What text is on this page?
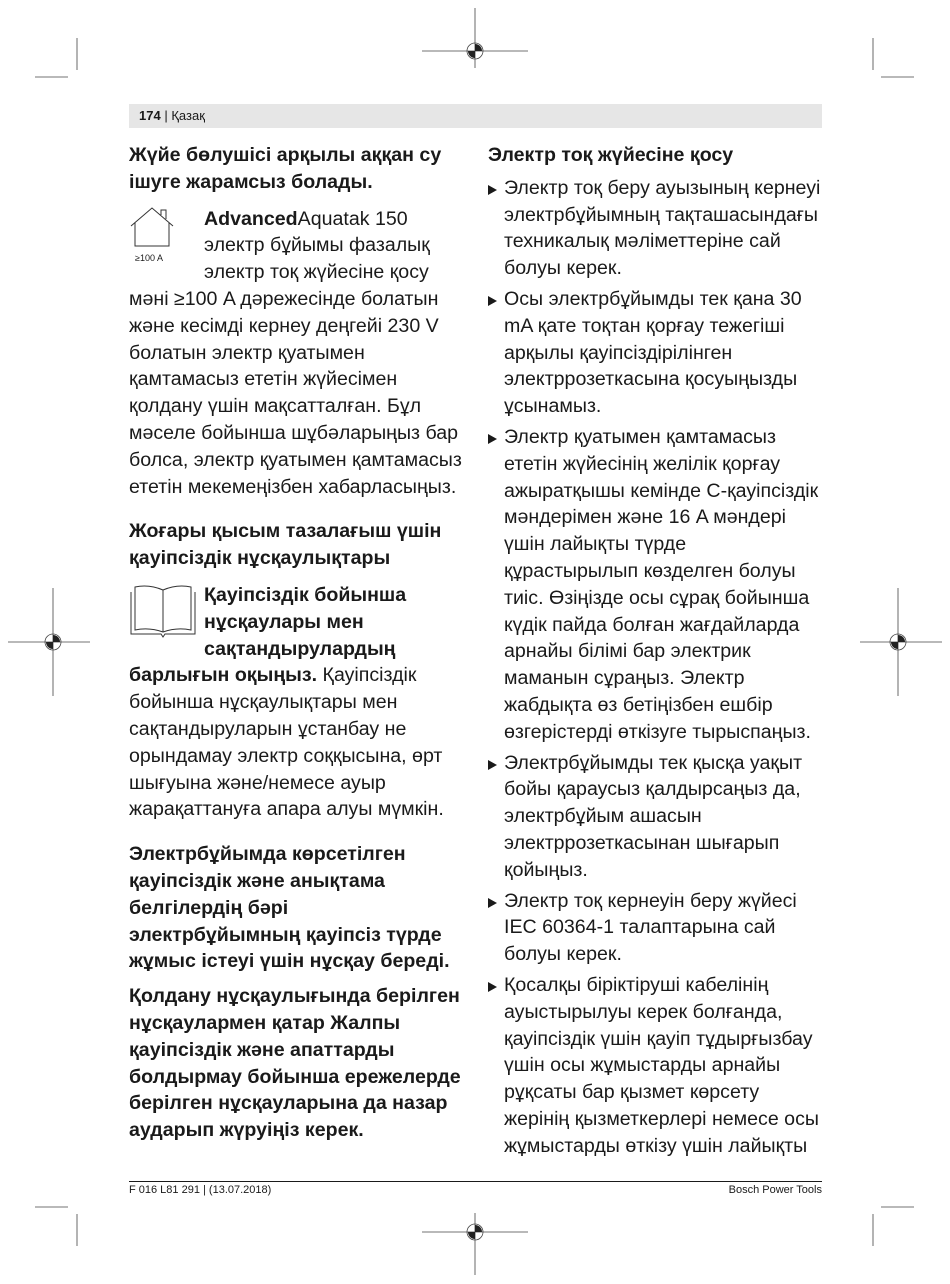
174 | Қазақ

Жүйе бөлушісі арқылы аққан су ішуге жарамсыз болады.

≥100 A

AdvancedAquatak 150

электр бұйымы фазалық

электр тоқ жүйесіне қосу

мәні ≥100 A дәрежесінде болатын және кесімді кернеу деңгейі 230 V болатын электр қуатымен қамтамасыз ететін жүйесімен қолдану үшін мақсатталған. Бұл мәселе бойынша шұбәларыңыз бар болса, электр қуатымен қамтамасыз ететін мекемеңізбен хабарласыңыз.

Жоғары қысым тазалағыш үшін қауіпсіздік нұсқаулықтары

Қауіпсіздік бойынша

нұсқаулары мен

сақтандырулардың

барлығын оқыңыз. Қауіпсіздік бойынша нұсқаулықтары мен сақтандыруларын ұстанбау не орындамау электр соққысына, өрт шығуына және/немесе ауыр жарақаттануға апара алуы мүмкін.

Электрбұйымда көрсетілген қауіпсіздік және анықтама белгілердің бәрі электрбұйымның қауіпсіз түрде жұмыс істеуі үшін нұсқау береді.

Қолдану нұсқаулығында берілген нұсқаулармен қатар Жалпы қауіпсіздік және апаттарды болдырмау бойынша ережелерде берілген нұсқауларына да назар аударып жүруіңіз керек.

Электр тоқ жүйесіне қосу

Электр тоқ беру ауызының кернеуі электрбұйымның тақташасындағы техникалық мәліметтеріне сай болуы керек.
Осы электрбұйымды тек қана 30 mA қате тоқтан қорғау тежегіші арқылы қауіпсіздірілінген электррозеткасына қосуыңызды ұсынамыз.
Электр қуатымен қамтамасыз ететін жүйесінің желілік қорғау ажыратқышы кемінде С-қауіпсіздік мәндерімен және 16 A мәндері үшін лайықты түрде құрастырылып көзделген болуы тиіс. Өзіңізде осы сұрақ бойынша күдік пайда болған жағдайларда арнайы білімі бар электрик маманын сұраңыз. Электр жабдықта өз бетіңізбен ешбір өзгерістерді өткізуге тырыспаңыз.
Электрбұйымды тек қысқа уақыт бойы қараусыз қалдырсаңыз да, электрбұйым ашасын электррозеткасынан шығарып қойыңыз.
Электр тоқ кернеуін беру жүйесі IEC 60364-1 талаптарына сай болуы керек.
Қосалқы біріктіруші кабелінің ауыстырылуы керек болғанда, қауіпсіздік үшін қауіп тұдырғызбау үшін осы жұмыстарды арнайы рұқсаты бар қызмет көрсету жерінің қызметкерлері немесе осы жұмыстарды өткізу үшін лайықты
F 016 L81 291 | (13.07.2018)	Bosch Power Tools
